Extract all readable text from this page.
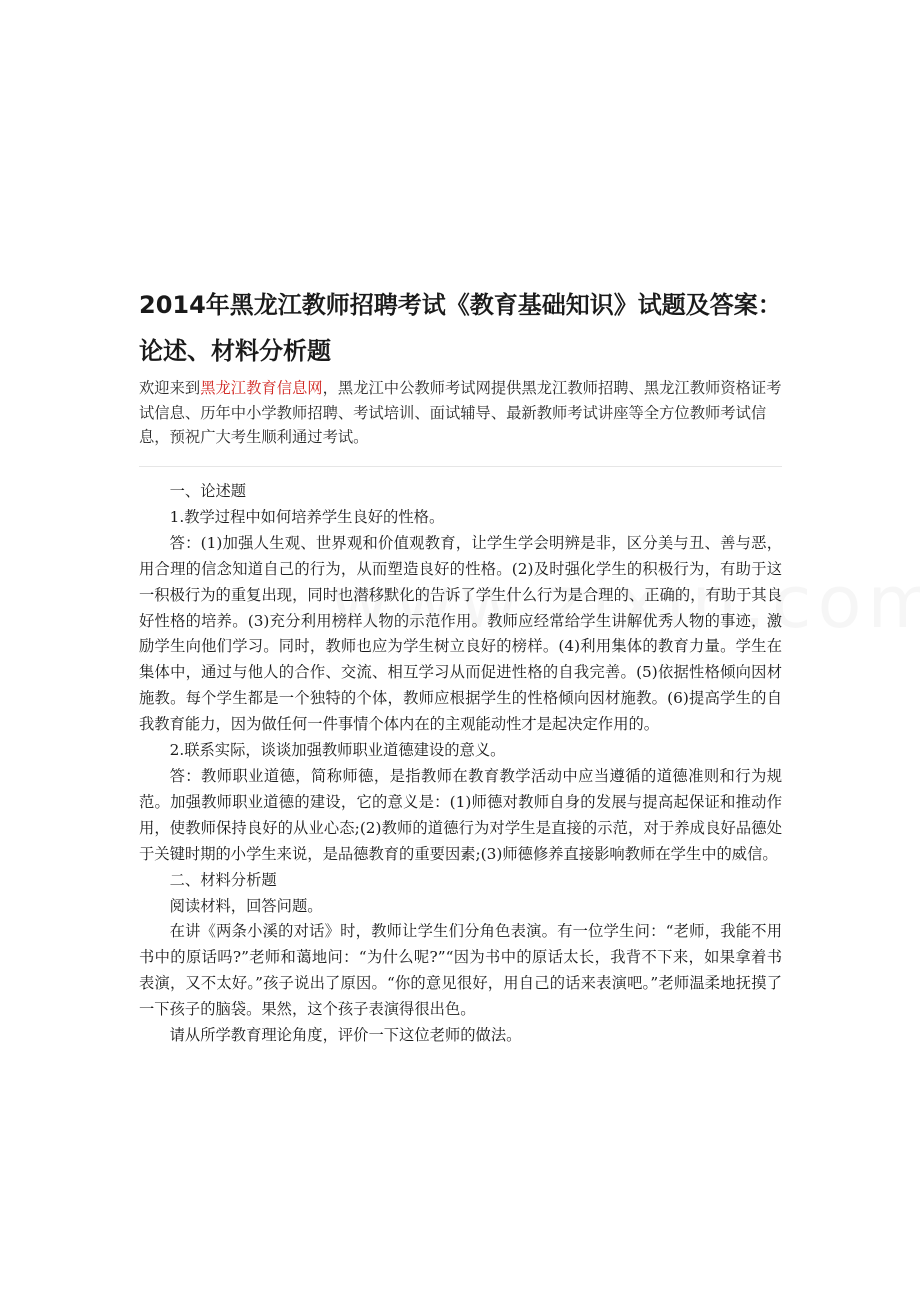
2014年黑龙江教师招聘考试《教育基础知识》试题及答案：论述、材料分析题

欢迎来到黑龙江教育信息网，黑龙江中公教师考试网提供黑龙江教师招聘、黑龙江教师资格证考试信息、历年中小学教师招聘、考试培训、面试辅导、最新教师考试讲座等全方位教师考试信息，预祝广大考生顺利通过考试。

一、论述题

1.教学过程中如何培养学生良好的性格。

答：(1)加强人生观、世界观和价值观教育，让学生学会明辨是非，区分美与丑、善与恶，用合理的信念知道自己的行为，从而塑造良好的性格。(2)及时强化学生的积极行为，有助于这一积极行为的重复出现，同时也潜移默化的告诉了学生什么行为是合理的、正确的，有助于其良好性格的培养。(3)充分利用榜样人物的示范作用。教师应经常给学生讲解优秀人物的事迹，激励学生向他们学习。同时，教师也应为学生树立良好的榜样。(4)利用集体的教育力量。学生在集体中，通过与他人的合作、交流、相互学习从而促进性格的自我完善。(5)依据性格倾向因材施教。每个学生都是一个独特的个体，教师应根据学生的性格倾向因材施教。(6)提高学生的自我教育能力，因为做任何一件事情个体内在的主观能动性才是起决定作用的。

2.联系实际，谈谈加强教师职业道德建设的意义。

答：教师职业道德，简称师德，是指教师在教育教学活动中应当遵循的道德准则和行为规范。加强教师职业道德的建设，它的意义是：(1)师德对教师自身的发展与提高起保证和推动作用，使教师保持良好的从业心态;(2)教师的道德行为对学生是直接的示范，对于养成良好品德处于关键时期的小学生来说，是品德教育的重要因素;(3)师德修养直接影响教师在学生中的威信。

二、材料分析题

阅读材料，回答问题。

在讲《两条小溪的对话》时，教师让学生们分角色表演。有一位学生问：“老师，我能不用书中的原话吗?”老师和蔼地问：“为什么呢?”“因为书中的原话太长，我背不下来，如果拿着书表演，又不太好。”孩子说出了原因。“你的意见很好，用自己的话来表演吧。”老师温柔地抚摸了一下孩子的脑袋。果然，这个孩子表演得很出色。

请从所学教育理论角度，评价一下这位老师的做法。
